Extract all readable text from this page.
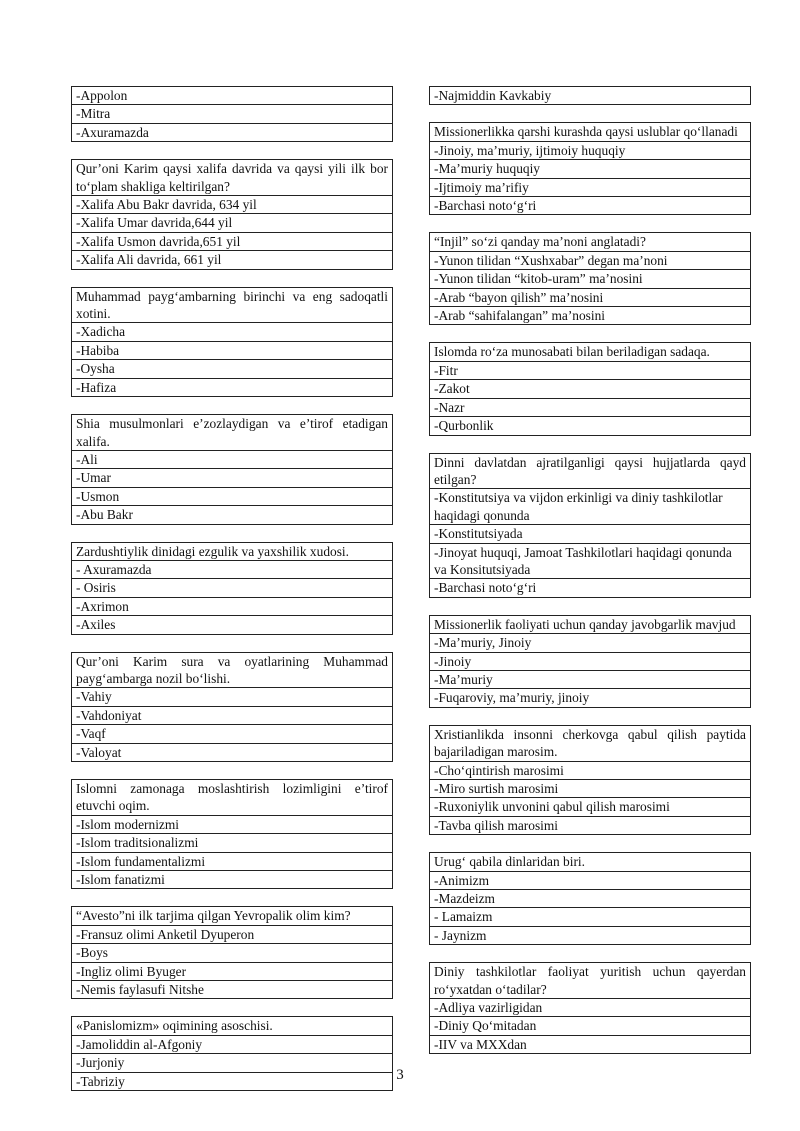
-Appolon
-Mitra
-Axuramazda
Qur’oni Karim qaysi xalifa davrida va qaysi yili ilk bor to‘plam shakliga keltirilgan?
-Xalifa Abu Bakr davrida, 634 yil
-Xalifa Umar davrida,644 yil
-Xalifa Usmon davrida,651 yil
-Xalifa Ali davrida, 661 yil
Muhammad payg‘ambarning birinchi va eng sadoqatli xotini.
-Xadicha
-Habiba
-Oysha
-Hafiza
Shia musulmonlari e’zozlaydigan va e’tirof etadigan xalifa.
-Ali
-Umar
-Usmon
-Abu Bakr
Zardushtiylik dinidagi ezgulik va yaxshilik xudosi.
- Axuramazda
- Osiris
-Axrimon
-Axiles
Qur’oni Karim sura va oyatlarining Muhammad payg‘ambarga nozil bo‘lishi.
-Vahiy
-Vahdoniyat
-Vaqf
-Valoyat
Islomni zamonaga moslashtirish lozimligini e’tirof etuvchi oqim.
-Islom modernizmi
-Islom traditsionalizmi
-Islom fundamentalizmi
-Islom fanatizmi
“Avesto”ni ilk tarjima qilgan Yevropalik olim kim?
-Fransuz olimi Anketil Dyuperon
-Boys
-Ingliz olimi Byuger
-Nemis faylasufi Nitshe
«Panislomizm» oqimining asoschisi.
-Jamoliddin al-Afgoniy
-Jurjoniy
-Tabriziy
-Najmiddin Kavkabiy
Missionerlikka qarshi kurashda qaysi uslublar qo‘llanadi
-Jinoiy, ma’muriy, ijtimoiy huquqiy
-Ma’muriy huquqiy
-Ijtimoiy ma’rifiy
-Barchasi noto‘g‘ri
“Injil” so‘zi qanday ma’noni anglatadi?
-Yunon tilidan “Xushxabar” degan ma’noni
-Yunon tilidan “kitob-uram” ma’nosini
-Arab “bayon qilish” ma’nosini
-Arab “sahifalangan” ma’nosini
Islomda ro‘za munosabati bilan beriladigan sadaqa.
-Fitr
-Zakot
-Nazr
-Qurbonlik
Dinni davlatdan ajratilganligi qaysi hujjatlarda qayd etilgan?
-Konstitutsiya va vijdon erkinligi va diniy tashkilotlar haqidagi qonunda
-Konstitutsiyada
-Jinoyat huquqi, Jamoat Tashkilotlari haqidagi qonunda va Konsitutsiyada
-Barchasi noto‘g‘ri
Missionerlik faoliyati uchun qanday javobgarlik mavjud
-Ma’muriy, Jinoiy
-Jinoiy
-Ma’muriy
-Fuqaroviy, ma’muriy, jinoiy
Xristianlikda insonni cherkovga qabul qilish paytida bajariladigan marosim.
-Cho‘qintirish marosimi
-Miro surtish marosimi
-Ruxoniylik unvonini qabul qilish marosimi
-Tavba qilish marosimi
Urug‘ qabila dinlaridan biri.
-Animizm
-Mazdeizm
- Lamaizm
- Jaynizm
Diniy tashkilotlar faoliyat yuritish uchun qayerdan ro‘yxatdan o‘tadilar?
-Adliya vazirligidan
-Diniy Qo‘mitadan
-IIV va MXXdan
3
